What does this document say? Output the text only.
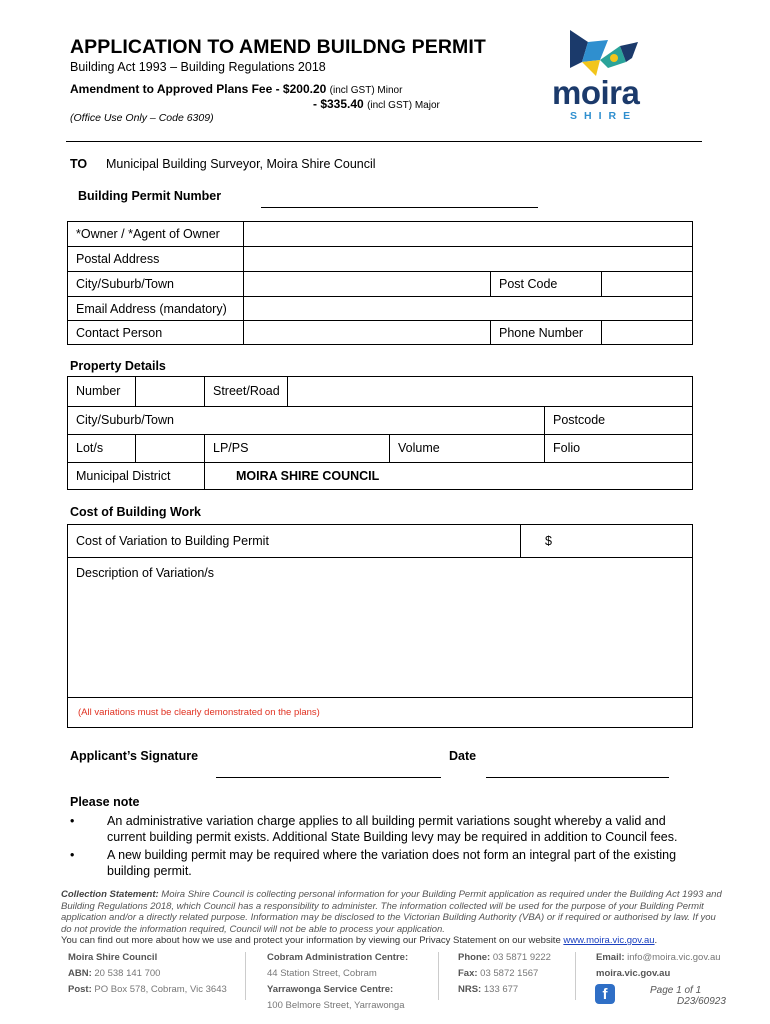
APPLICATION TO AMEND BUILDNG PERMIT
Building Act 1993 – Building Regulations 2018
Amendment to Approved Plans Fee - $200.20 (incl GST) Minor
- $335.40 (incl GST) Major
(Office Use Only – Code 6309)
moira
SHIRE
TO Municipal Building Surveyor, Moira Shire Council
Building Permit Number
*Owner / *Agent of Owner
Postal Address
City/Suburb/Town	Post Code
Email Address (mandatory)
Contact Person	Phone Number
Property Details
Number	Street/Road
City/Suburb/Town	Postcode
Lot/s	LP/PS	Volume	Folio
Municipal District	MOIRA SHIRE COUNCIL
Cost of Building Work
Cost of Variation to Building Permit	$
Description of Variation/s
(All variations must be clearly demonstrated on the plans)
Applicant’s Signature	Date
Please note
•	An administrative variation charge applies to all building permit variations sought whereby a valid and current building permit exists. Additional State Building levy may be required in addition to Council fees.
•	A new building permit may be required where the variation does not form an integral part of the existing building permit.
Collection Statement: Moira Shire Council is collecting personal information for your Building Permit application as required under the Building Act 1993 and Building Regulations 2018, which Council has a responsibility to administer. The information collected will be used for the purpose of your Building Permit application and/or a directly related purpose. Information may be disclosed to the Victorian Building Authority (VBA) or if required or authorised by law. If you do not provide the information required, Council will not be able to process your application.
You can find out more about how we use and protect your information by viewing our Privacy Statement on our website www.moira.vic.gov.au.
Moira Shire Council
ABN: 20 538 141 700
Post: PO Box 578, Cobram, Vic 3643
Cobram Administration Centre:
44 Station Street, Cobram
Yarrawonga Service Centre:
100 Belmore Street, Yarrawonga
Phone: 03 5871 9222
Fax: 03 5872 1567
NRS: 133 677
Email: info@moira.vic.gov.au
moira.vic.gov.au
f	Page 1 of 1
D23/60923
